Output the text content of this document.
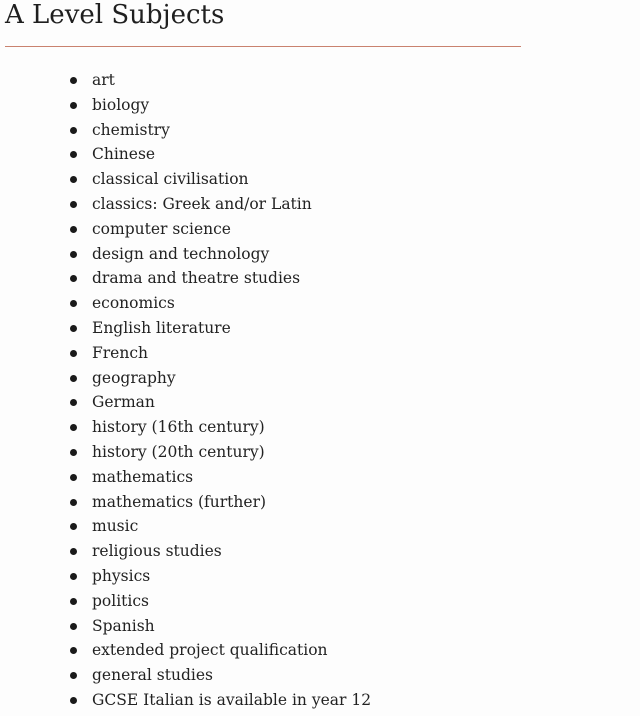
A Level Subjects
art
biology
chemistry
Chinese
classical civilisation
classics: Greek and/or Latin
computer science
design and technology
drama and theatre studies
economics
English literature
French
geography
German
history (16th century)
history (20th century)
mathematics
mathematics (further)
music
religious studies
physics
politics
Spanish
extended project qualification
general studies
GCSE Italian is available in year 12
